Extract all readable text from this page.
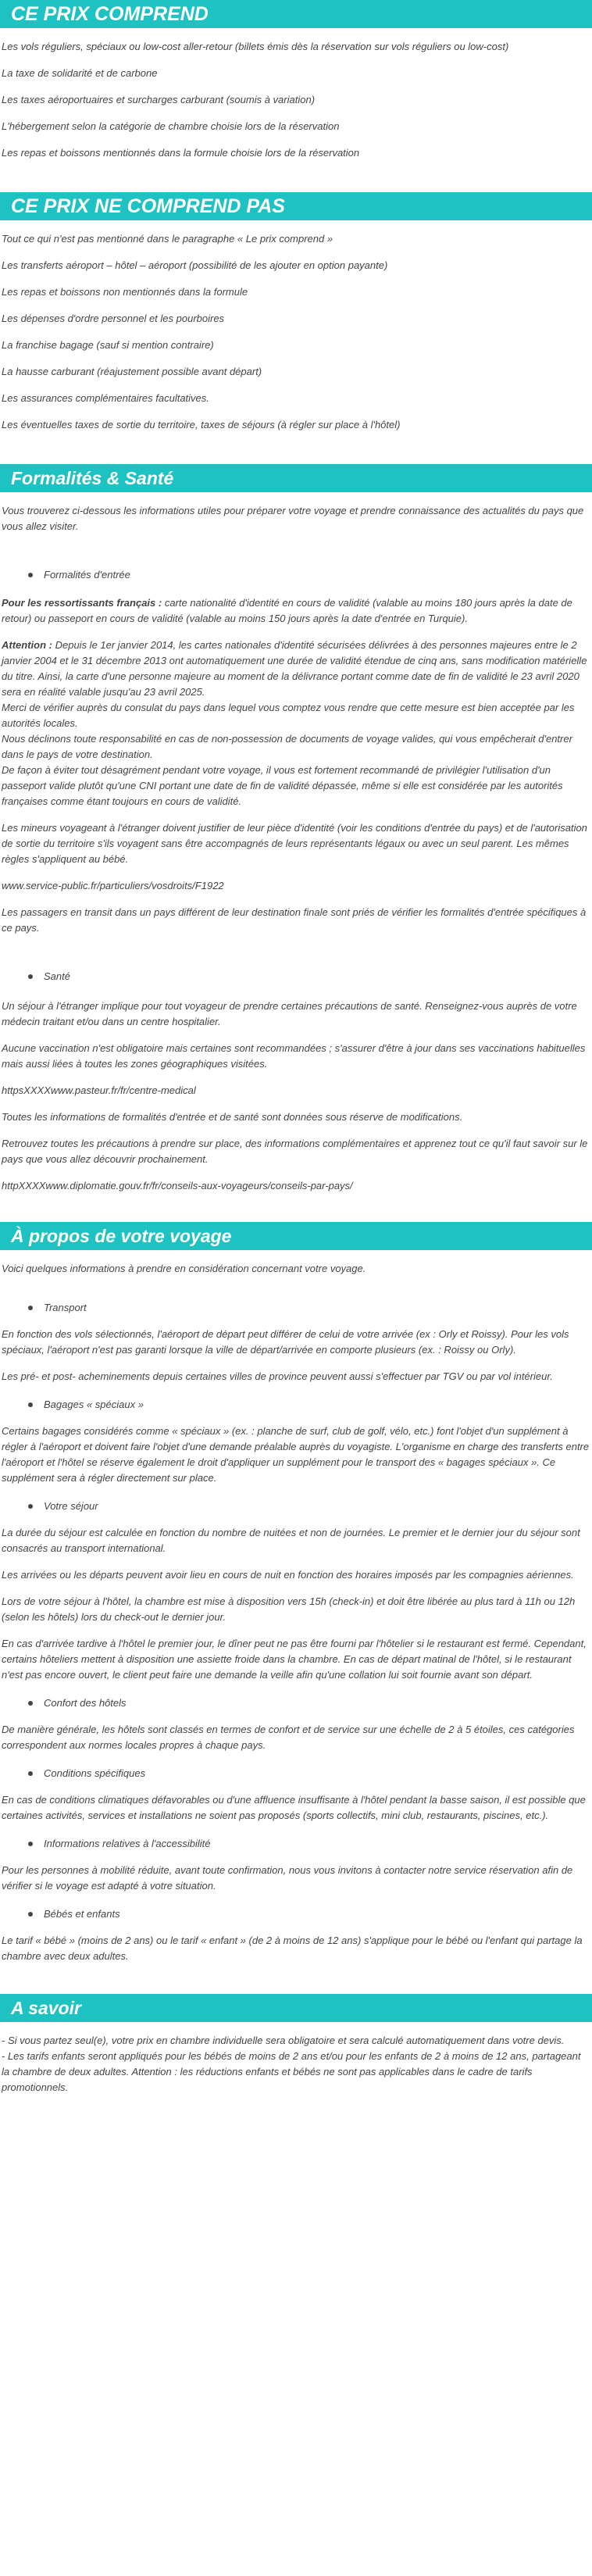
CE PRIX COMPREND
Les vols réguliers, spéciaux ou low-cost aller-retour (billets émis dès la réservation sur vols réguliers ou low-cost)
La taxe de solidarité et de carbone
Les taxes aéroportuaires et surcharges carburant (soumis à variation)
L'hébergement selon la catégorie de chambre choisie lors de la réservation
Les repas et boissons mentionnés dans la formule choisie lors de la réservation
CE PRIX NE COMPREND PAS
Tout ce qui n'est pas mentionné dans le paragraphe « Le prix comprend »
Les transferts aéroport – hôtel – aéroport (possibilité de les ajouter en option payante)
Les repas et boissons non mentionnés dans la formule
Les dépenses d'ordre personnel et les pourboires
La franchise bagage (sauf si mention contraire)
La hausse carburant (réajustement possible avant départ)
Les assurances complémentaires facultatives.
Les éventuelles taxes de sortie du territoire, taxes de séjours (à régler sur place à l'hôtel)
Formalités & Santé
Vous trouverez ci-dessous les informations utiles pour préparer votre voyage et prendre connaissance des actualités du pays que vous allez visiter.
Formalités d'entrée
Pour les ressortissants français : carte nationalité d'identité en cours de validité (valable au moins 180 jours après la date de retour) ou passeport en cours de validité (valable au moins 150 jours après la date d'entrée en Turquie).
Attention : Depuis le 1er janvier 2014, les cartes nationales d'identité sécurisées délivrées à des personnes majeures entre le 2 janvier 2004 et le 31 décembre 2013 ont automatiquement une durée de validité étendue de cinq ans, sans modification matérielle du titre. Ainsi, la carte d'une personne majeure au moment de la délivrance portant comme date de fin de validité le 23 avril 2020 sera en réalité valable jusqu'au 23 avril 2025.
Merci de vérifier auprès du consulat du pays dans lequel vous comptez vous rendre que cette mesure est bien acceptée par les autorités locales.
Nous déclinons toute responsabilité en cas de non-possession de documents de voyage valides, qui vous empêcherait d'entrer dans le pays de votre destination.
De façon à éviter tout désagrément pendant votre voyage, il vous est fortement recommandé de privilégier l'utilisation d'un passeport valide plutôt qu'une CNI portant une date de fin de validité dépassée, même si elle est considérée par les autorités françaises comme étant toujours en cours de validité.
Les mineurs voyageant à l'étranger doivent justifier de leur pièce d'identité (voir les conditions d'entrée du pays) et de l'autorisation de sortie du territoire s'ils voyagent sans être accompagnés de leurs représentants légaux ou avec un seul parent. Les mêmes règles s'appliquent au bébé.
www.service-public.fr/particuliers/vosdroits/F1922
Les passagers en transit dans un pays différent de leur destination finale sont priés de vérifier les formalités d'entrée spécifiques à ce pays.
Santé
Un séjour à l'étranger implique pour tout voyageur de prendre certaines précautions de santé. Renseignez-vous auprès de votre médecin traitant et/ou dans un centre hospitalier.
Aucune vaccination n'est obligatoire mais certaines sont recommandées ; s'assurer d'être à jour dans ses vaccinations habituelles mais aussi liées à toutes les zones géographiques visitées.
httpsXXXXwww.pasteur.fr/fr/centre-medical
Toutes les informations de formalités d'entrée et de santé sont données sous réserve de modifications.
Retrouvez toutes les précautions à prendre sur place, des informations complémentaires et apprenez tout ce qu'il faut savoir sur le pays que vous allez découvrir prochainement.
httpXXXXwww.diplomatie.gouv.fr/fr/conseils-aux-voyageurs/conseils-par-pays/
À propos de votre voyage
Voici quelques informations à prendre en considération concernant votre voyage.
Transport
En fonction des vols sélectionnés, l'aéroport de départ peut différer de celui de votre arrivée (ex : Orly et Roissy). Pour les vols spéciaux, l'aéroport n'est pas garanti lorsque la ville de départ/arrivée en comporte plusieurs (ex. : Roissy ou Orly).
Les pré- et post- acheminements depuis certaines villes de province peuvent aussi s'effectuer par TGV ou par vol intérieur.
Bagages « spéciaux »
Certains bagages considérés comme « spéciaux » (ex. : planche de surf, club de golf, vélo, etc.) font l'objet d'un supplément à régler à l'aéroport et doivent faire l'objet d'une demande préalable auprès du voyagiste. L'organisme en charge des transferts entre l'aéroport et l'hôtel se réserve également le droit d'appliquer un supplément pour le transport des « bagages spéciaux ». Ce supplément sera à régler directement sur place.
Votre séjour
La durée du séjour est calculée en fonction du nombre de nuitées et non de journées. Le premier et le dernier jour du séjour sont consacrés au transport international.
Les arrivées ou les départs peuvent avoir lieu en cours de nuit en fonction des horaires imposés par les compagnies aériennes.
Lors de votre séjour à l'hôtel, la chambre est mise à disposition vers 15h (check-in) et doit être libérée au plus tard à 11h ou 12h (selon les hôtels) lors du check-out le dernier jour.
En cas d'arrivée tardive à l'hôtel le premier jour, le dîner peut ne pas être fourni par l'hôtelier si le restaurant est fermé. Cependant, certains hôteliers mettent à disposition une assiette froide dans la chambre. En cas de départ matinal de l'hôtel, si le restaurant n'est pas encore ouvert, le client peut faire une demande la veille afin qu'une collation lui soit fournie avant son départ.
Confort des hôtels
De manière générale, les hôtels sont classés en termes de confort et de service sur une échelle de 2 à 5 étoiles, ces catégories correspondent aux normes locales propres à chaque pays.
Conditions spécifiques
En cas de conditions climatiques défavorables ou d'une affluence insuffisante à l'hôtel pendant la basse saison, il est possible que certaines activités, services et installations ne soient pas proposés (sports collectifs, mini club, restaurants, piscines, etc.).
Informations relatives à l'accessibilité
Pour les personnes à mobilité réduite, avant toute confirmation, nous vous invitons à contacter notre service réservation afin de vérifier si le voyage est adapté à votre situation.
Bébés et enfants
Le tarif « bébé » (moins de 2 ans) ou le tarif « enfant » (de 2 à moins de 12 ans) s'applique pour le bébé ou l'enfant qui partage la chambre avec deux adultes.
A savoir
- Si vous partez seul(e), votre prix en chambre individuelle sera obligatoire et sera calculé automatiquement dans votre devis.
- Les tarifs enfants seront appliqués pour les bébés de moins de 2 ans et/ou pour les enfants de 2 à moins de 12 ans, partageant la chambre de deux adultes. Attention : les réductions enfants et bébés ne sont pas applicables dans le cadre de tarifs promotionnels.
